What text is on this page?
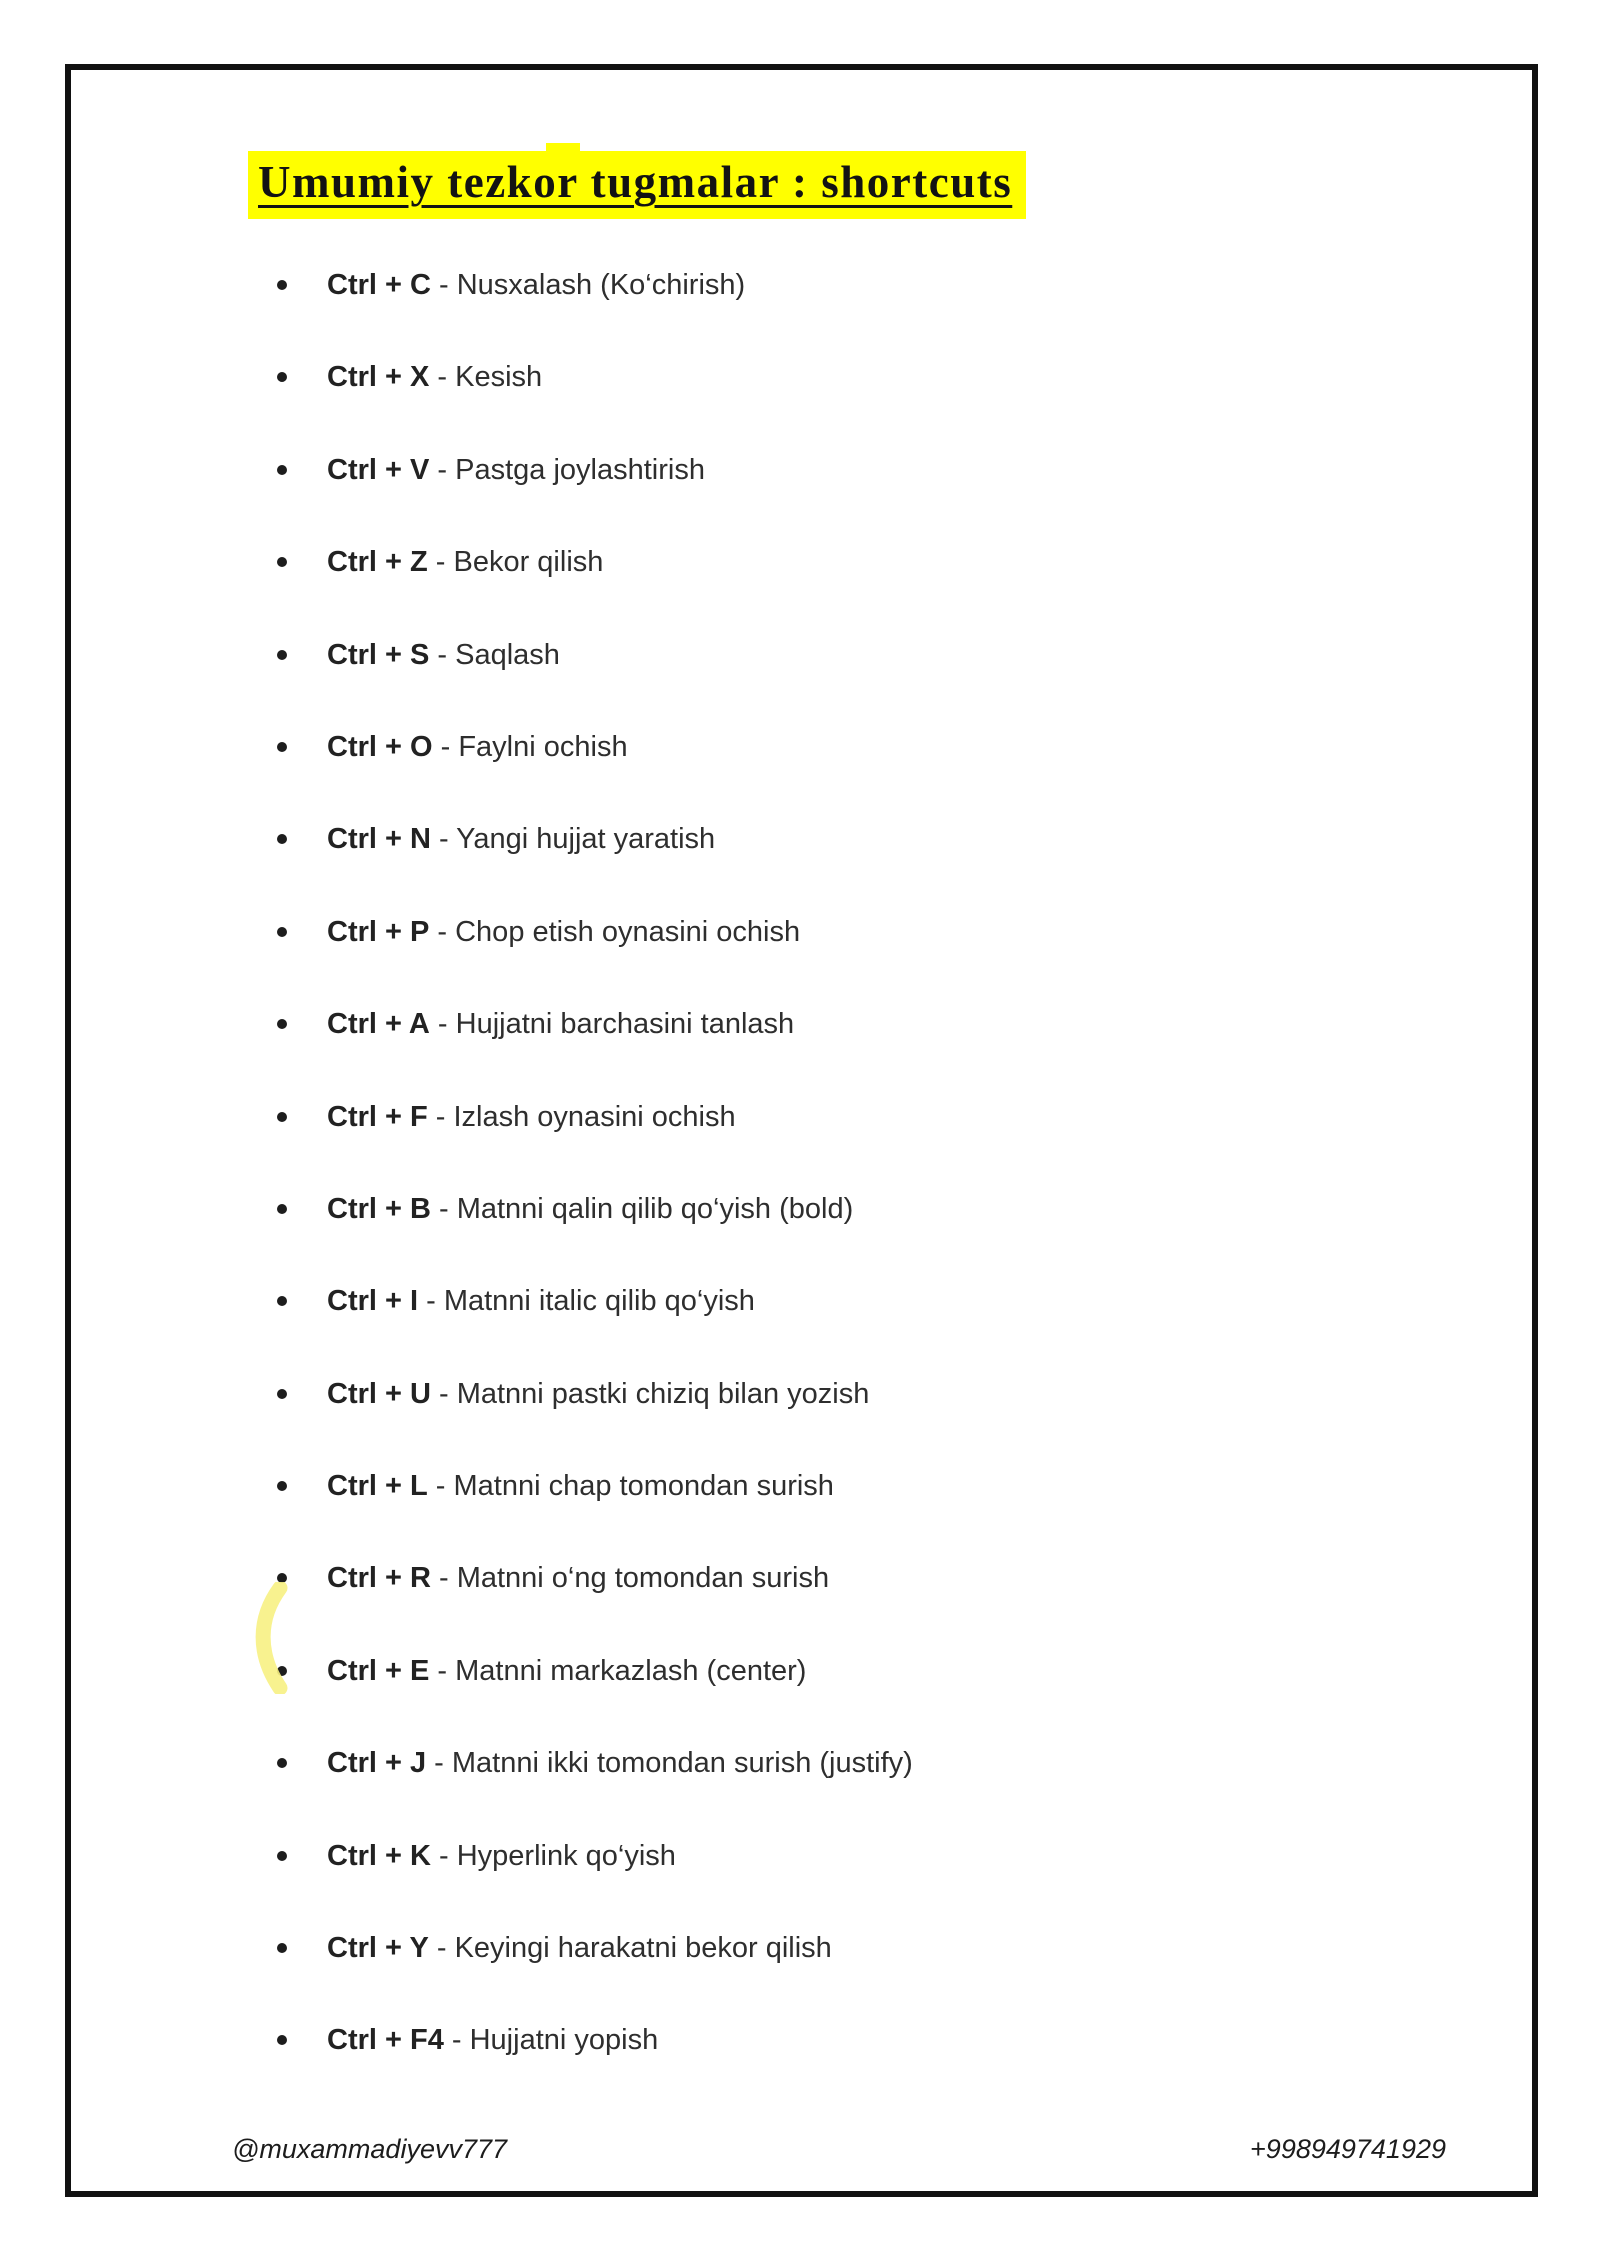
Umumiy tezkor tugmalar : shortcuts
Ctrl + C - Nusxalash (Ko‘chirish)
Ctrl + X - Kesish
Ctrl + V - Pastga joylashtirish
Ctrl + Z - Bekor qilish
Ctrl + S - Saqlash
Ctrl + O - Faylni ochish
Ctrl + N - Yangi hujjat yaratish
Ctrl + P - Chop etish oynasini ochish
Ctrl + A - Hujjatni barchasini tanlash
Ctrl + F - Izlash oynasini ochish
Ctrl + B - Matnni qalin qilib qo‘yish (bold)
Ctrl + I - Matnni italic qilib qo‘yish
Ctrl + U - Matnni pastki chiziq bilan yozish
Ctrl + L - Matnni chap tomondan surish
Ctrl + R - Matnni o‘ng tomondan surish
Ctrl + E - Matnni markazlash (center)
Ctrl + J - Matnni ikki tomondan surish (justify)
Ctrl + K - Hyperlink qo‘yish
Ctrl + Y - Keyingi harakatni bekor qilish
Ctrl + F4 - Hujjatni yopish
@muxammadiyevv777	+998949741929
